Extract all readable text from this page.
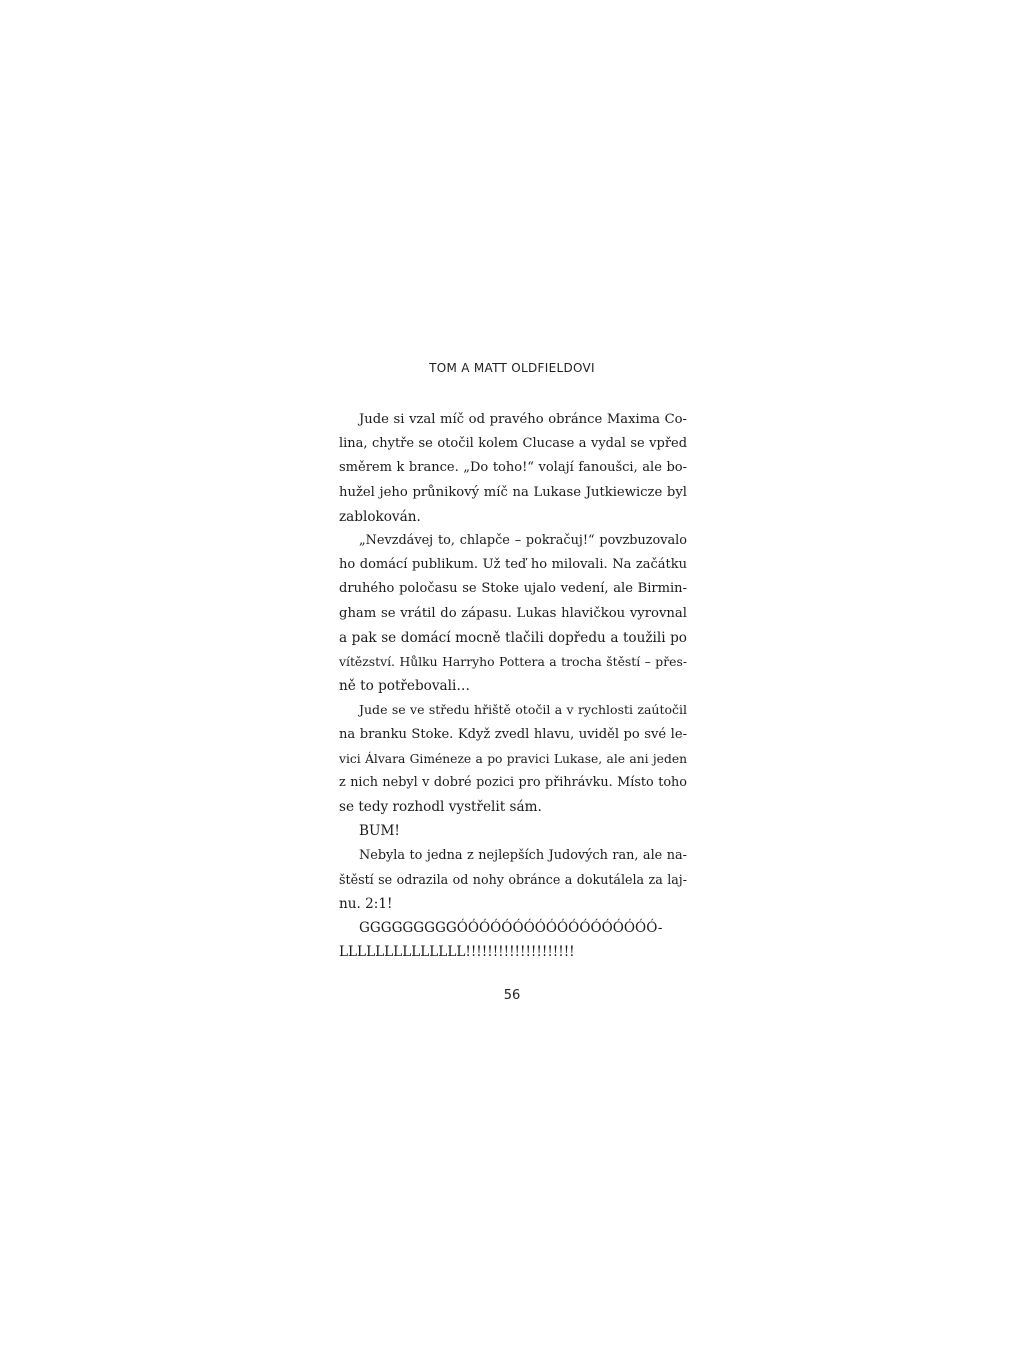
TOM A MATT OLDFIELDOVI
Jude si vzal míč od pravého obránce Maxima Co-
lina, chytře se otočil kolem Clucase a vydal se vpřed
směrem k brance. „Do toho!“ volají fanoušci, ale bo-
hužel jeho průnikový míč na Lukase Jutkiewicze byl
zablokován.
„Nevzdávej to, chlapče – pokračuj!“ povzbuzovalo
ho domácí publikum. Už teď ho milovali. Na začátku
druhého poločasu se Stoke ujalo vedení, ale Birmin-
gham se vrátil do zápasu. Lukas hlavičkou vyrovnal
a pak se domácí mocně tlačili dopředu a toužili po
vítězství. Hůlku Harryho Pottera a trocha štěstí – přes-
ně to potřebovali…
Jude se ve středu hřiště otočil a v rychlosti zaútočil
na branku Stoke. Když zvedl hlavu, uviděl po své le-
vici Álvara Giméneze a po pravici Lukase, ale ani jeden
z nich nebyl v dobré pozici pro přihrávku. Místo toho
se tedy rozhodl vystřelit sám.
BUM!
Nebyla to jedna z nejlepších Judových ran, ale na-
štěstí se odrazila od nohy obránce a dokutálela za laj-
nu. 2:1!
GGGGGGGGGÓÓÓÓÓÓÓÓÓÓÓÓÓÓÓÓÓÓ-
LLLLLLLLLLLLLL!!!!!!!!!!!!!!!!!!!!
56
